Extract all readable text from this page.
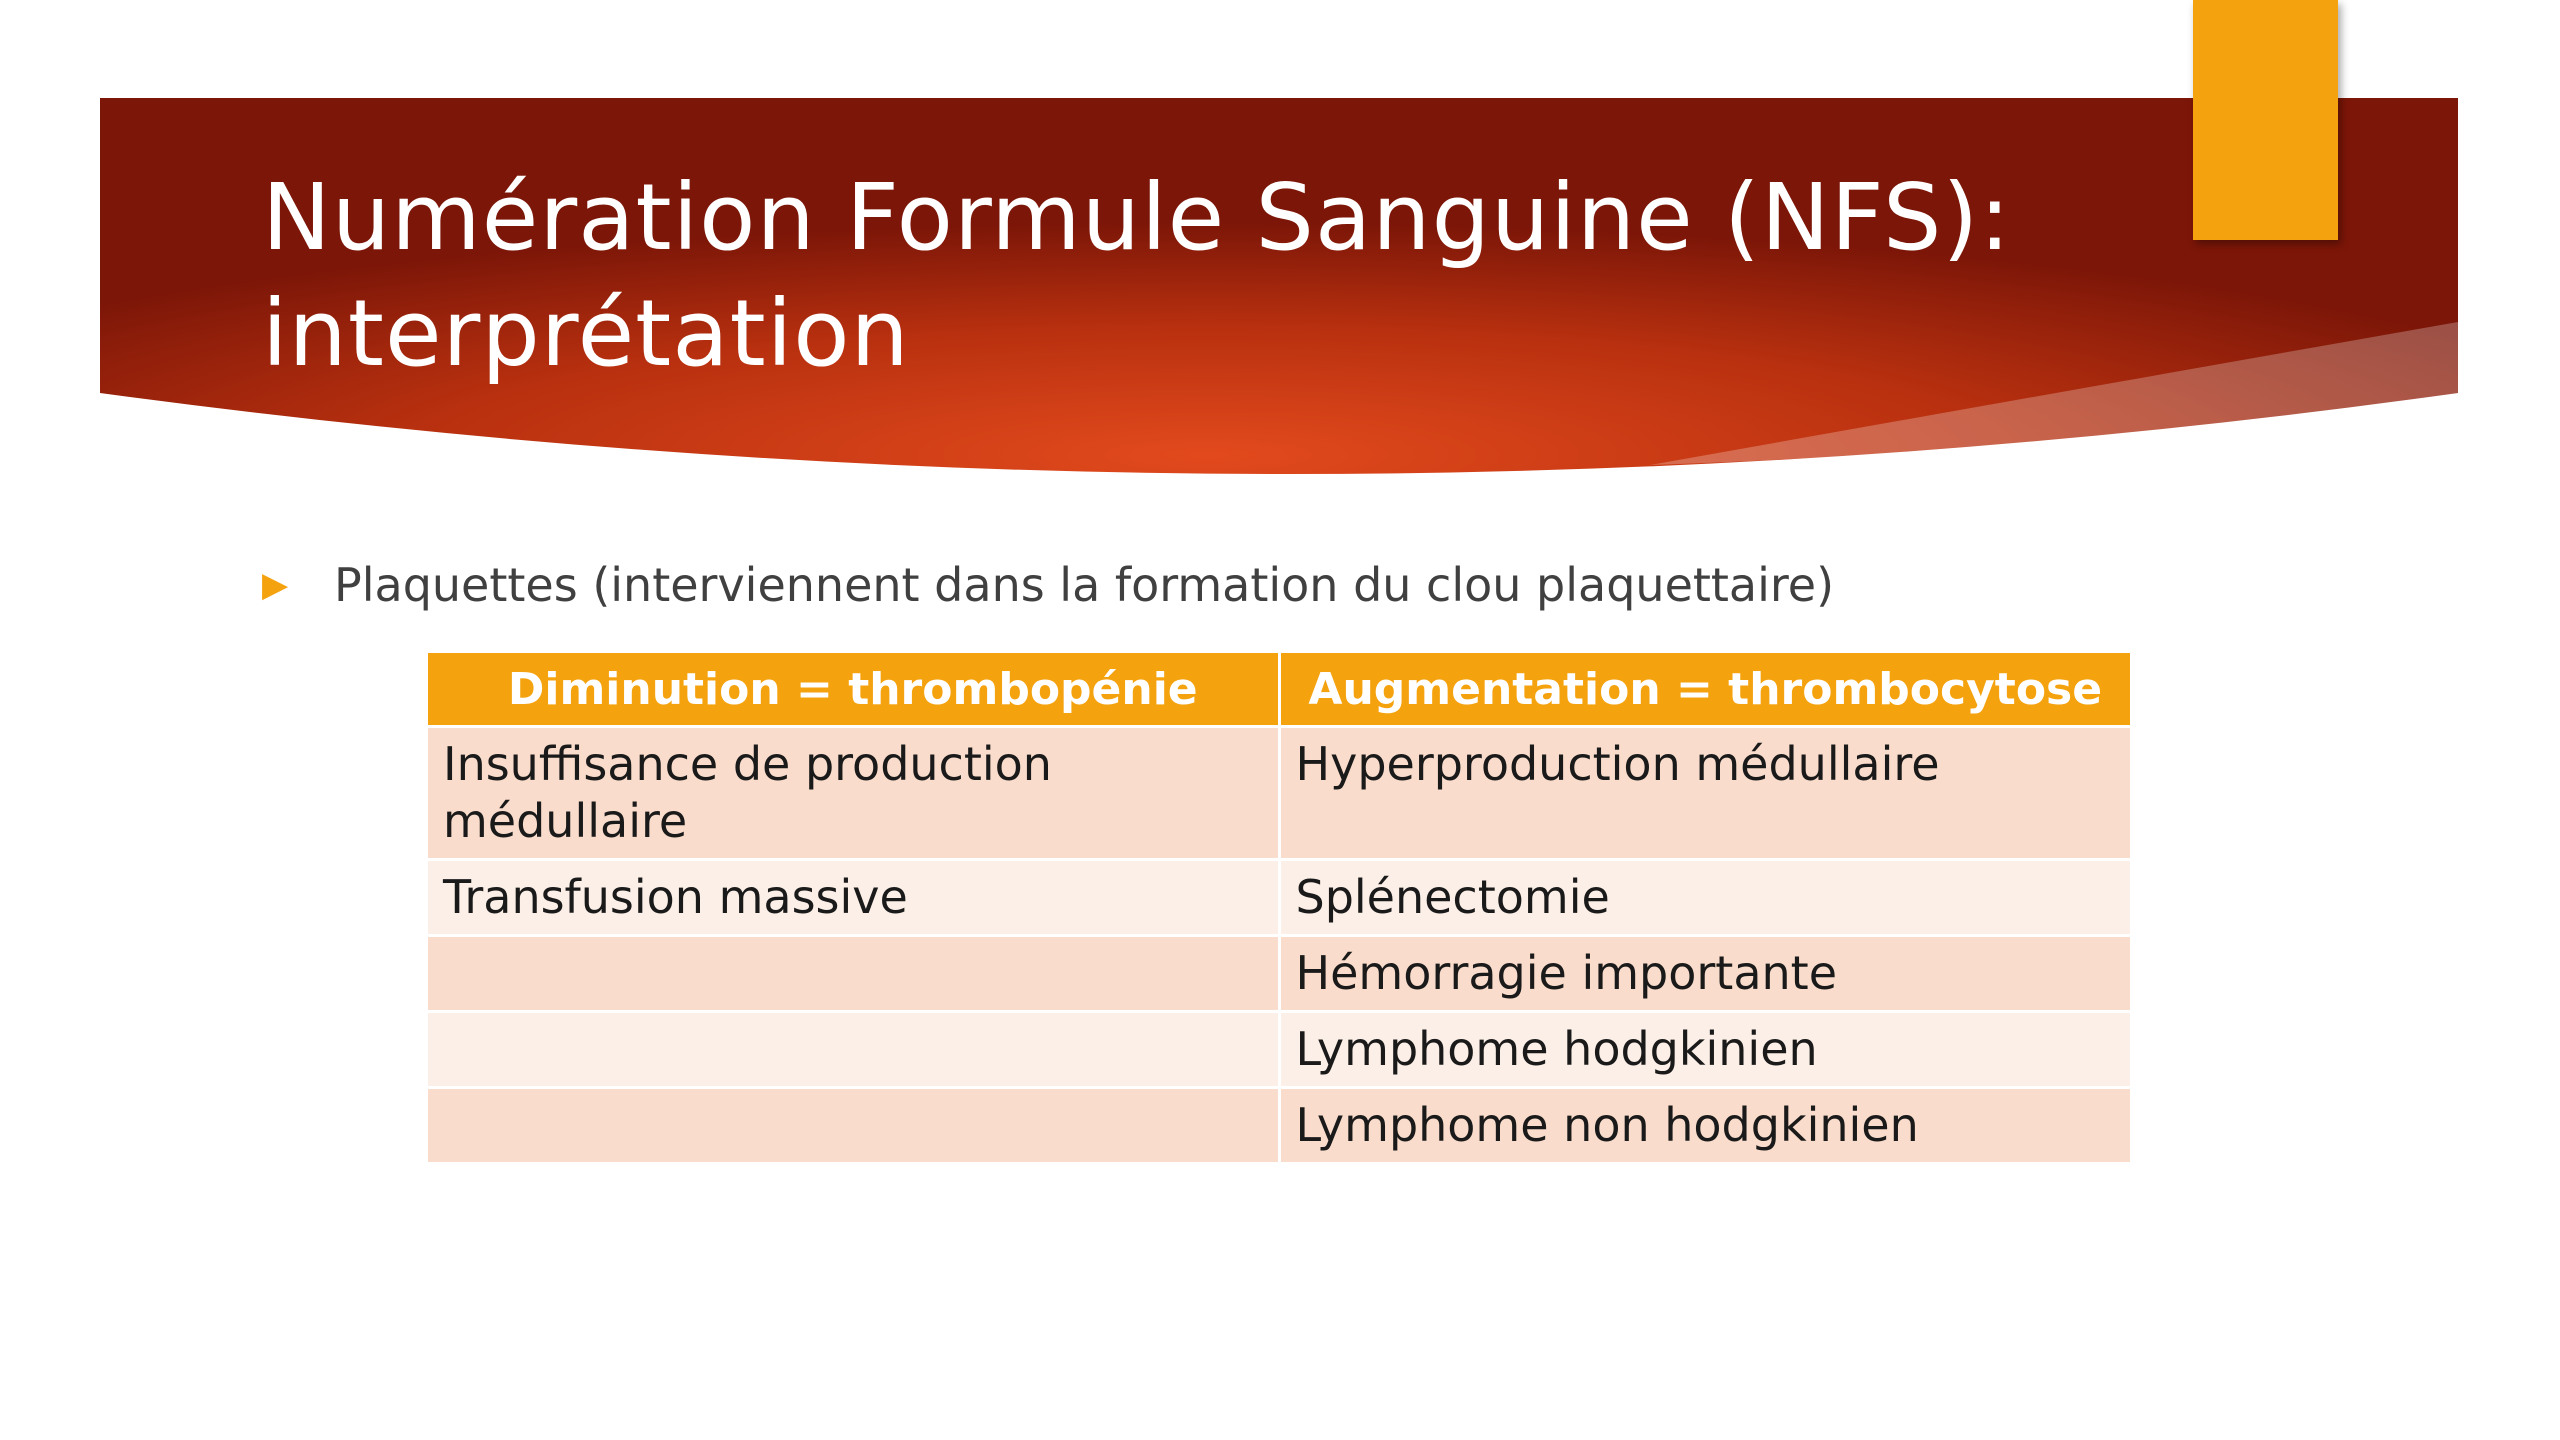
Numération Formule Sanguine (NFS):
interprétation
▶ Plaquettes (interviennent dans la formation du clou plaquettaire)
Diminution = thrombopénie	Augmentation = thrombocytose
Insuffisance de production médullaire	Hyperproduction médullaire
Transfusion massive	Splénectomie
	Hémorragie importante
	Lymphome hodgkinien
	Lymphome non hodgkinien
